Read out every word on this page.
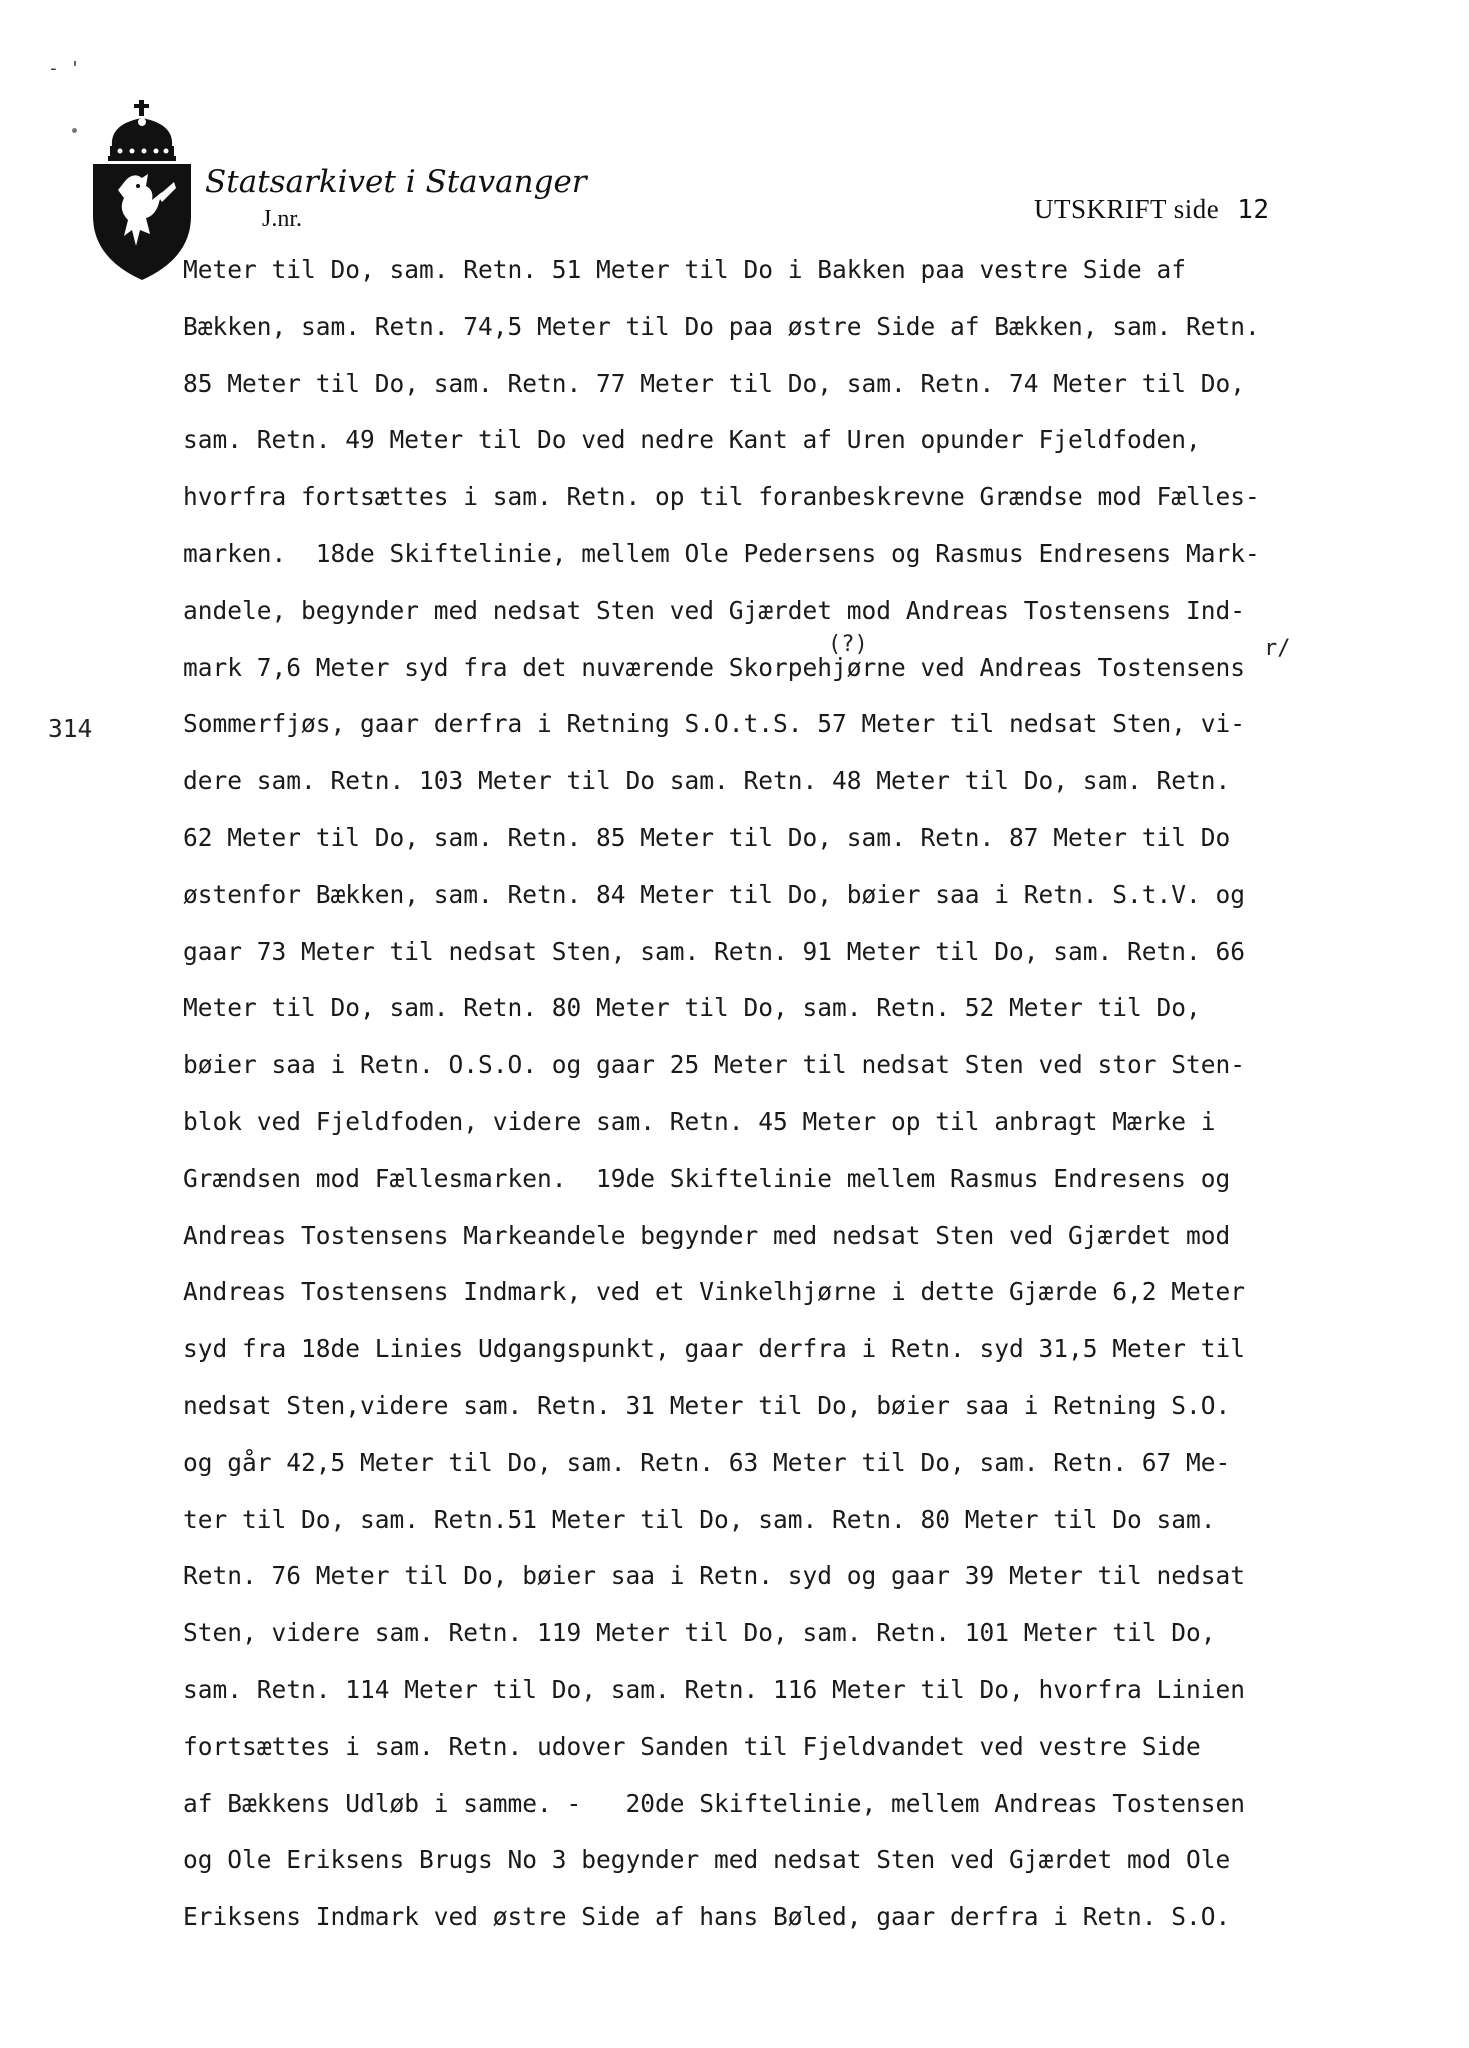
- '
Statsarkivet i Stavanger
J.nr.	UTSKRIFT side 12
314
(?)	r/
Meter til Do, sam. Retn. 51 Meter til Do i Bakken paa vestre Side af
Bækken, sam. Retn. 74,5 Meter til Do paa østre Side af Bækken, sam. Retn.
85 Meter til Do, sam. Retn. 77 Meter til Do, sam. Retn. 74 Meter til Do,
sam. Retn. 49 Meter til Do ved nedre Kant af Uren opunder Fjeldfoden,
hvorfra fortsættes i sam. Retn. op til foranbeskrevne Grændse mod Fælles-
marken.  18de Skiftelinie, mellem Ole Pedersens og Rasmus Endresens Mark-
andele, begynder med nedsat Sten ved Gjærdet mod Andreas Tostensens Ind-
mark 7,6 Meter syd fra det nuværende Skorpehjørne ved Andreas Tostensens
Sommerfjøs, gaar derfra i Retning S.O.t.S. 57 Meter til nedsat Sten, vi-
dere sam. Retn. 103 Meter til Do sam. Retn. 48 Meter til Do, sam. Retn.
62 Meter til Do, sam. Retn. 85 Meter til Do, sam. Retn. 87 Meter til Do
østenfor Bækken, sam. Retn. 84 Meter til Do, bøier saa i Retn. S.t.V. og
gaar 73 Meter til nedsat Sten, sam. Retn. 91 Meter til Do, sam. Retn. 66
Meter til Do, sam. Retn. 80 Meter til Do, sam. Retn. 52 Meter til Do,
bøier saa i Retn. O.S.O. og gaar 25 Meter til nedsat Sten ved stor Sten-
blok ved Fjeldfoden, videre sam. Retn. 45 Meter op til anbragt Mærke i
Grændsen mod Fællesmarken.  19de Skiftelinie mellem Rasmus Endresens og
Andreas Tostensens Markeandele begynder med nedsat Sten ved Gjærdet mod
Andreas Tostensens Indmark, ved et Vinkelhjørne i dette Gjærde 6,2 Meter
syd fra 18de Linies Udgangspunkt, gaar derfra i Retn. syd 31,5 Meter til
nedsat Sten,videre sam. Retn. 31 Meter til Do, bøier saa i Retning S.O.
og går 42,5 Meter til Do, sam. Retn. 63 Meter til Do, sam. Retn. 67 Me-
ter til Do, sam. Retn.51 Meter til Do, sam. Retn. 80 Meter til Do sam.
Retn. 76 Meter til Do, bøier saa i Retn. syd og gaar 39 Meter til nedsat
Sten, videre sam. Retn. 119 Meter til Do, sam. Retn. 101 Meter til Do,
sam. Retn. 114 Meter til Do, sam. Retn. 116 Meter til Do, hvorfra Linien
fortsættes i sam. Retn. udover Sanden til Fjeldvandet ved vestre Side
af Bækkens Udløb i samme. -   20de Skiftelinie, mellem Andreas Tostensen
og Ole Eriksens Brugs No 3 begynder med nedsat Sten ved Gjærdet mod Ole
Eriksens Indmark ved østre Side af hans Bøled, gaar derfra i Retn. S.O.
